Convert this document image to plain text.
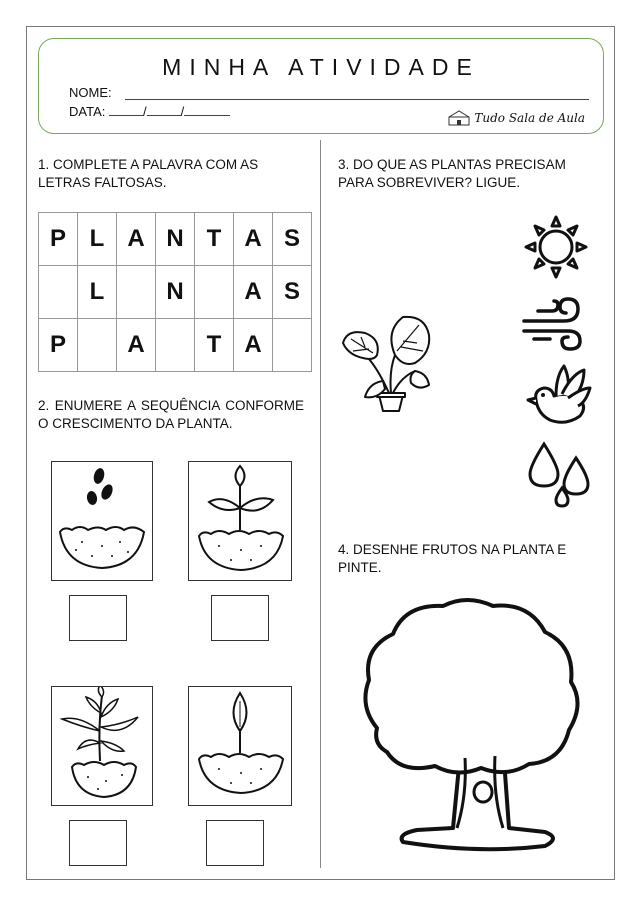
MINHA ATIVIDADE
NOME:
DATA:	/	/	Tudo Sala de Aula
1. COMPLETE A PALAVRA COM AS LETRAS FALTOSAS.
P	L	A	N	T	A	S
	L		N		A	S
P		A		T	A	
2. ENUMERE A SEQUÊNCIA CONFORME O CRESCIMENTO DA PLANTA.
3. DO QUE AS PLANTAS PRECISAM PARA SOBREVIVER? LIGUE.
4. DESENHE FRUTOS NA PLANTA E PINTE.
